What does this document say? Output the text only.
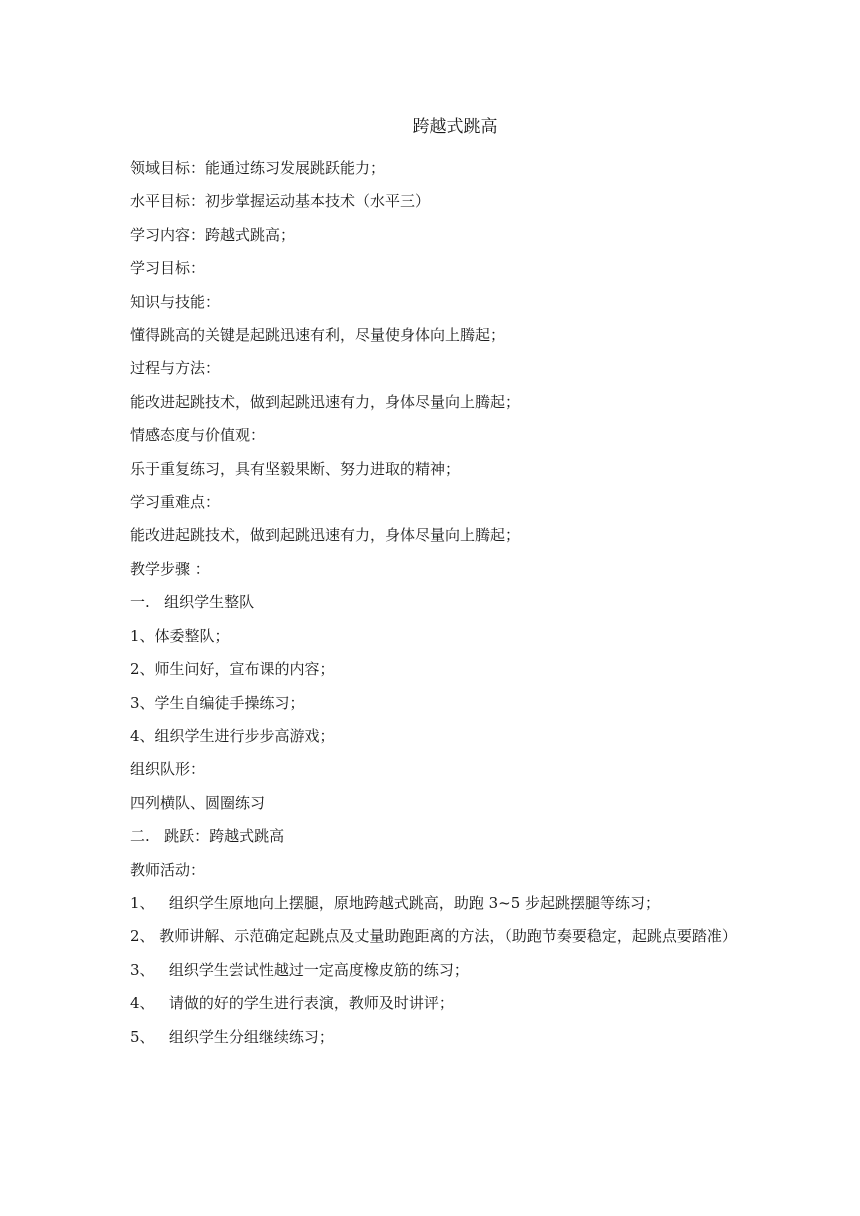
跨越式跳高

领域目标：能通过练习发展跳跃能力；

水平目标：初步掌握运动基本技术（水平三）

学习内容：跨越式跳高；

学习目标：

知识与技能：

懂得跳高的关键是起跳迅速有利，尽量使身体向上腾起；

过程与方法：

能改进起跳技术，做到起跳迅速有力，身体尽量向上腾起；

情感态度与价值观：

乐于重复练习，具有坚毅果断、努力进取的精神；

学习重难点：

能改进起跳技术，做到起跳迅速有力，身体尽量向上腾起；

教学步骤 ：

一.   组织学生整队

1、体委整队；

2、师生问好，宣布课的内容；

3、学生自编徒手操练习；

4、组织学生进行步步高游戏；

组织队形：

四列横队、圆圈练习

二.   跳跃：跨越式跳高

教师活动：

1、   组织学生原地向上摆腿，原地跨越式跳高，助跑 3~5 步起跳摆腿等练习；

2、 教师讲解、示范确定起跳点及丈量助跑距离的方法，（助跑节奏要稳定，起跳点要踏准）

3、   组织学生尝试性越过一定高度橡皮筋的练习；

4、   请做的好的学生进行表演，教师及时讲评；

5、   组织学生分组继续练习；
